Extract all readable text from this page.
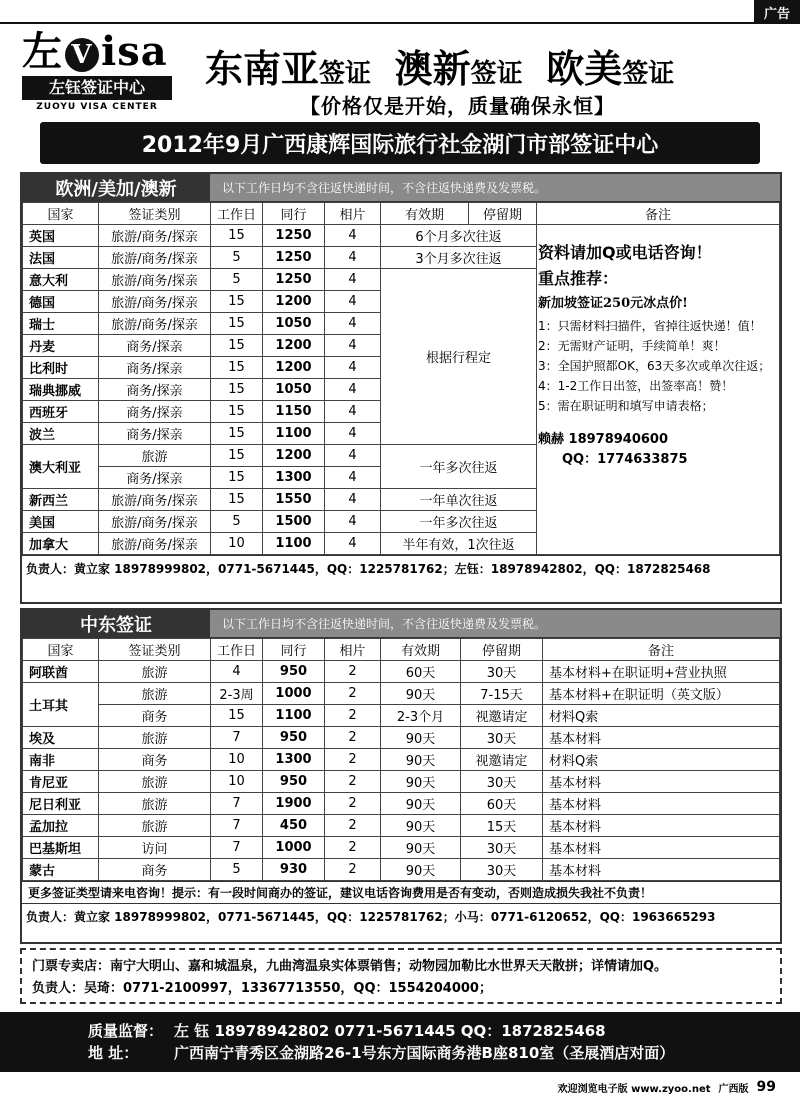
广告
左 V isa
左钰签证中心
ZUOYU VISA CENTER
东南亚签证 澳新签证 欧美签证
【价格仅是开始，质量确保永恒】
2012年9月广西康辉国际旅行社金湖门市部签证中心
欧洲/美加/澳新	以下工作日均不含往返快递时间，不含往返快递费及发票税。
国家	签证类别	工作日	同行	相片	有效期	停留期	备注
英国	旅游/商务/探亲	15	1250	4	6个月多次往返		
法国	旅游/商务/探亲	5	1250	4	3个月多次往返		
意大利	旅游/商务/探亲	5	1250	4	根据行程定		
德国	旅游/商务/探亲	15	1200	4			
瑞士	旅游/商务/探亲	15	1050	4			
丹麦	商务/探亲	15	1200	4			
比利时	商务/探亲	15	1200	4			
瑞典挪威	商务/探亲	15	1050	4			
西班牙	商务/探亲	15	1150	4			
波兰	商务/探亲	15	1100	4			
澳大利亚	旅游	15	1200	4	一年多次往返		
	商务/探亲	15	1300	4			
新西兰	旅游/商务/探亲	15	1550	4	一年单次往返		
美国	旅游/商务/探亲	5	1500	4	一年多次往返		
加拿大	旅游/商务/探亲	10	1100	4	半年有效，1次往返		
资料请加Q或电话咨询！
重点推荐：
新加坡签证250元冰点价!
1：只需材料扫描件，省掉往返快递！值！
2：无需财产证明，手续简单！爽！
3：全国护照都OK，63天多次或单次往返；
4：1-2工作日出签，出签率高！赞！
5：需在职证明和填写申请表格；
赖赫 18978940600
QQ：1774633875
负责人：黄立家 18978999802，0771-5671445，QQ：1225781762；左钰：18978942802，QQ：1872825468
中东签证	以下工作日均不含往返快递时间，不含往返快递费及发票税。
国家	签证类别	工作日	同行	相片	有效期	停留期	备注
阿联酋	旅游	4	950	2	60天	30天	基本材料+在职证明+营业执照
土耳其	旅游	2-3周	1000	2	90天	7-15天	基本材料+在职证明（英文版）
	商务	15	1100	2	2-3个月	视邀请定	材料Q索
埃及	旅游	7	950	2	90天	30天	基本材料
南非	商务	10	1300	2	90天	视邀请定	材料Q索
肯尼亚	旅游	10	950	2	90天	30天	基本材料
尼日利亚	旅游	7	1900	2	90天	60天	基本材料
孟加拉	旅游	7	450	2	90天	15天	基本材料
巴基斯坦	访问	7	1000	2	90天	30天	基本材料
蒙古	商务	5	930	2	90天	30天	基本材料
更多签证类型请来电咨询！提示：有一段时间商办的签证，建议电话咨询费用是否有变动，否则造成损失我社不负责！
负责人：黄立家 18978999802，0771-5671445，QQ：1225781762；小马：0771-6120652，QQ：1963665293
门票专卖店：南宁大明山、嘉和城温泉，九曲湾温泉实体票销售；动物园加勒比水世界天天散拼；详情请加Q。
负责人：吴琦：0771-2100997，13367713550，QQ：1554204000；
质量监督： 左 钰 18978942802 0771-5671445 QQ：1872825468
地 址： 广西南宁青秀区金湖路26-1号东方国际商务港B座810室（圣展酒店对面）
欢迎浏览电子版 www.zyoo.net 广西版 99
